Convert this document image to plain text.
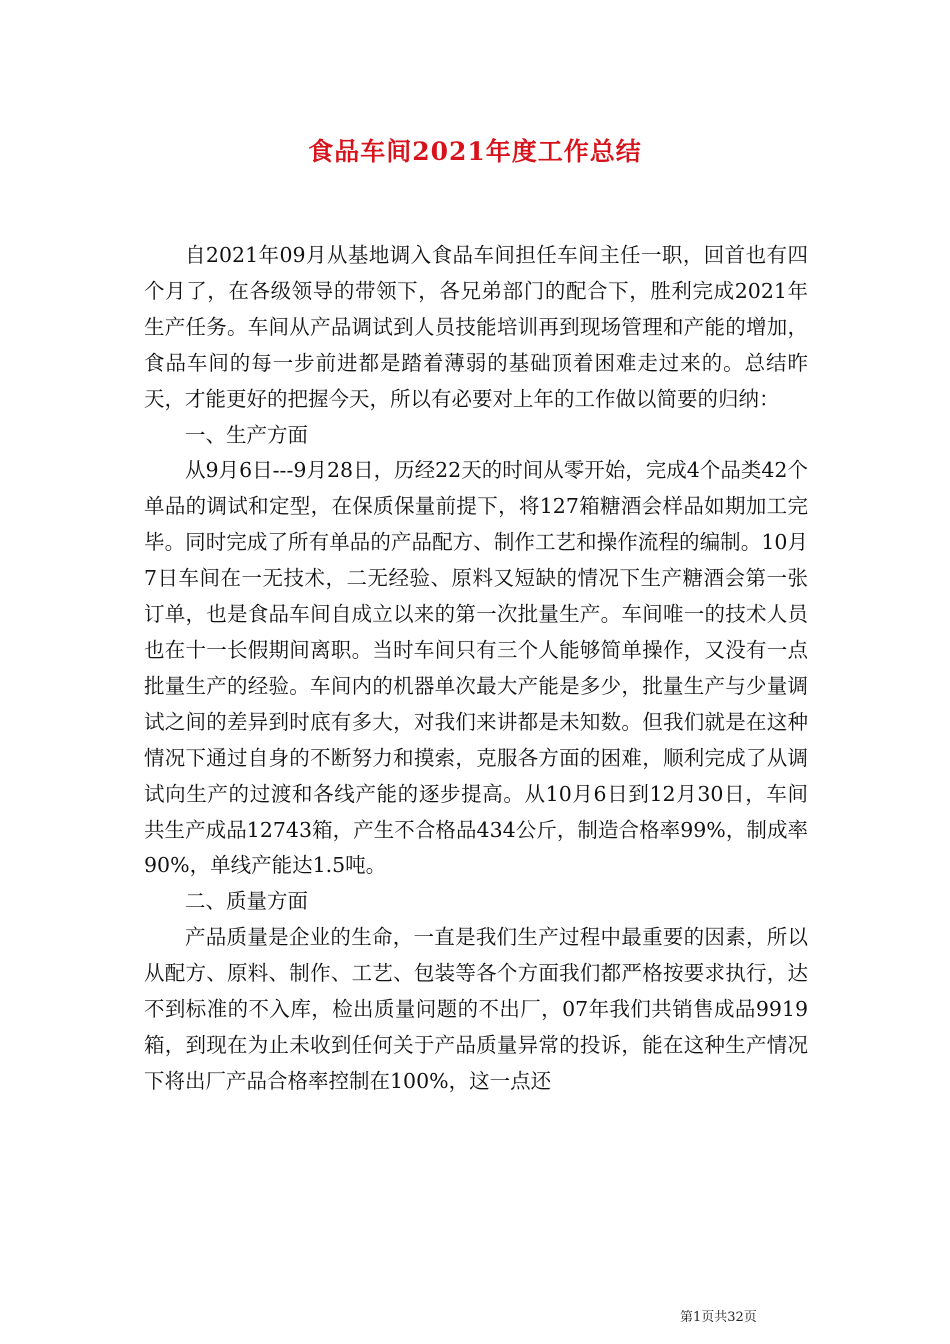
食品车间2021年度工作总结

自2021年09月从基地调入食品车间担任车间主任一职，回首也有四个月了，在各级领导的带领下，各兄弟部门的配合下，胜利完成2021年生产任务。车间从产品调试到人员技能培训再到现场管理和产能的增加，食品车间的每一步前进都是踏着薄弱的基础顶着困难走过来的。总结昨天，才能更好的把握今天，所以有必要对上年的工作做以简要的归纳：

一、生产方面

从9月6日---9月28日，历经22天的时间从零开始，完成4个品类42个单品的调试和定型，在保质保量前提下，将127箱糖酒会样品如期加工完毕。同时完成了所有单品的产品配方、制作工艺和操作流程的编制。10月7日车间在一无技术，二无经验、原料又短缺的情况下生产糖酒会第一张订单，也是食品车间自成立以来的第一次批量生产。车间唯一的技术人员也在十一长假期间离职。当时车间只有三个人能够简单操作，又没有一点批量生产的经验。车间内的机器单次最大产能是多少，批量生产与少量调试之间的差异到时底有多大，对我们来讲都是未知数。但我们就是在这种情况下通过自身的不断努力和摸索，克服各方面的困难，顺利完成了从调试向生产的过渡和各线产能的逐步提高。从10月6日到12月30日，车间共生产成品12743箱，产生不合格品434公斤，制造合格率99%，制成率90%，单线产能达1.5吨。

二、质量方面

产品质量是企业的生命，一直是我们生产过程中最重要的因素，所以从配方、原料、制作、工艺、包装等各个方面我们都严格按要求执行，达不到标准的不入库，检出质量问题的不出厂，07年我们共销售成品9919箱，到现在为止未收到任何关于产品质量异常的投诉，能在这种生产情况下将出厂产品合格率控制在100%，这一点还

第1页共32页
